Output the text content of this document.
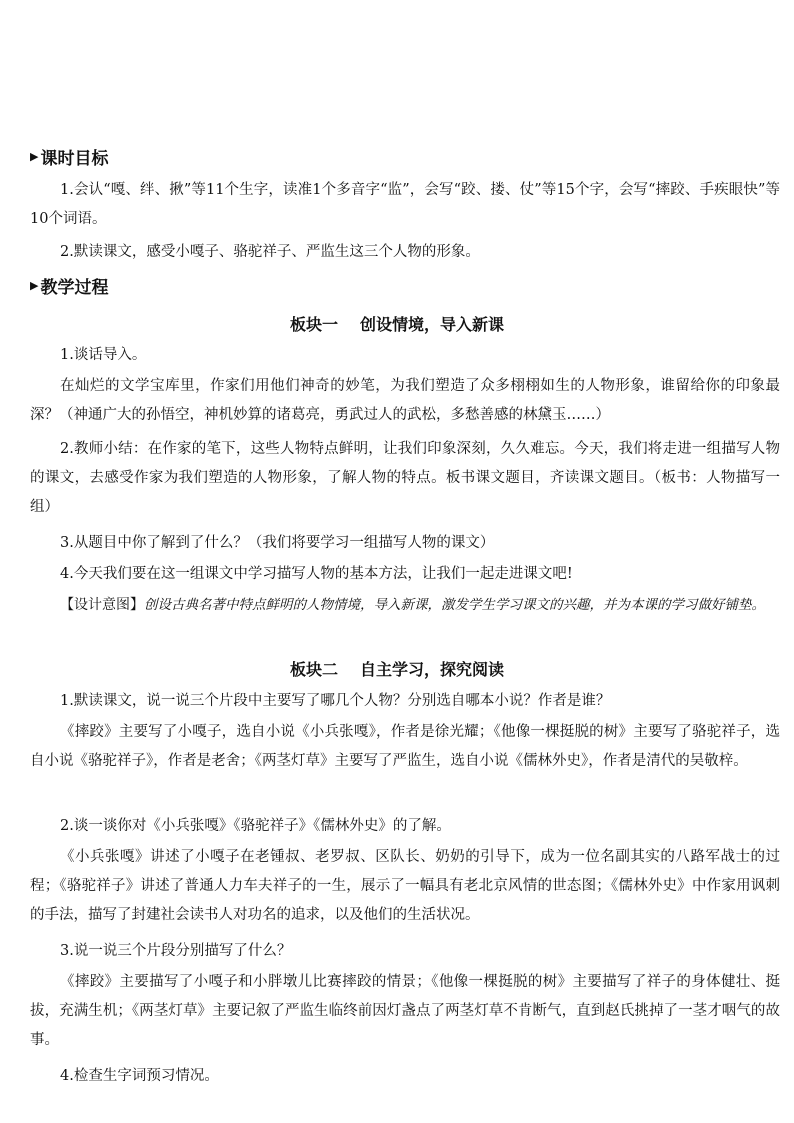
▶ 课时目标

1.会认“嘎、绊、揪”等11个生字，读准1个多音字“监”，会写“跤、搂、仗”等15个字，会写“摔跤、手疾眼快”等10个词语。

2.默读课文，感受小嘎子、骆驼祥子、严监生这三个人物的形象。

▶ 教学过程
板块一 创设情境，导入新课

1.谈话导入。

在灿烂的文学宝库里，作家们用他们神奇的妙笔，为我们塑造了众多栩栩如生的人物形象，谁留给你的印象最深？（神通广大的孙悟空，神机妙算的诸葛亮，勇武过人的武松，多愁善感的林黛玉……）

2.教师小结：在作家的笔下，这些人物特点鲜明，让我们印象深刻，久久难忘。今天，我们将走进一组描写人物的课文，去感受作家为我们塑造的人物形象，了解人物的特点。板书课文题目，齐读课文题目。（板书：人物描写一组）

3.从题目中你了解到了什么？（我们将要学习一组描写人物的课文）

4.今天我们要在这一组课文中学习描写人物的基本方法，让我们一起走进课文吧!

【设计意图】创设古典名著中特点鲜明的人物情境，导入新课，激发学生学习课文的兴趣，并为本课的学习做好铺垫。

板块二 自主学习，探究阅读

1.默读课文，说一说三个片段中主要写了哪几个人物？分别选自哪本小说？作者是谁？

《摔跤》主要写了小嘎子，选自小说《小兵张嘎》，作者是徐光耀；《他像一棵挺脱的树》主要写了骆驼祥子，选自小说《骆驼祥子》，作者是老舍；《两茎灯草》主要写了严监生，选自小说《儒林外史》，作者是清代的吴敬梓。

2.谈一谈你对《小兵张嘎》《骆驼祥子》《儒林外史》的了解。

《小兵张嘎》讲述了小嘎子在老锺叔、老罗叔、区队长、奶奶的引导下，成为一位名副其实的八路军战士的过程；《骆驼祥子》讲述了普通人力车夫祥子的一生，展示了一幅具有老北京风情的世态图；《儒林外史》中作家用讽刺的手法，描写了封建社会读书人对功名的追求，以及他们的生活状况。

3.说一说三个片段分别描写了什么？

《摔跤》主要描写了小嘎子和小胖墩儿比赛摔跤的情景；《他像一棵挺脱的树》主要描写了祥子的身体健壮、挺拔，充满生机；《两茎灯草》主要记叙了严监生临终前因灯盏点了两茎灯草不肯断气，直到赵氏挑掉了一茎才咽气的故事。

4.检查生字词预习情况。
